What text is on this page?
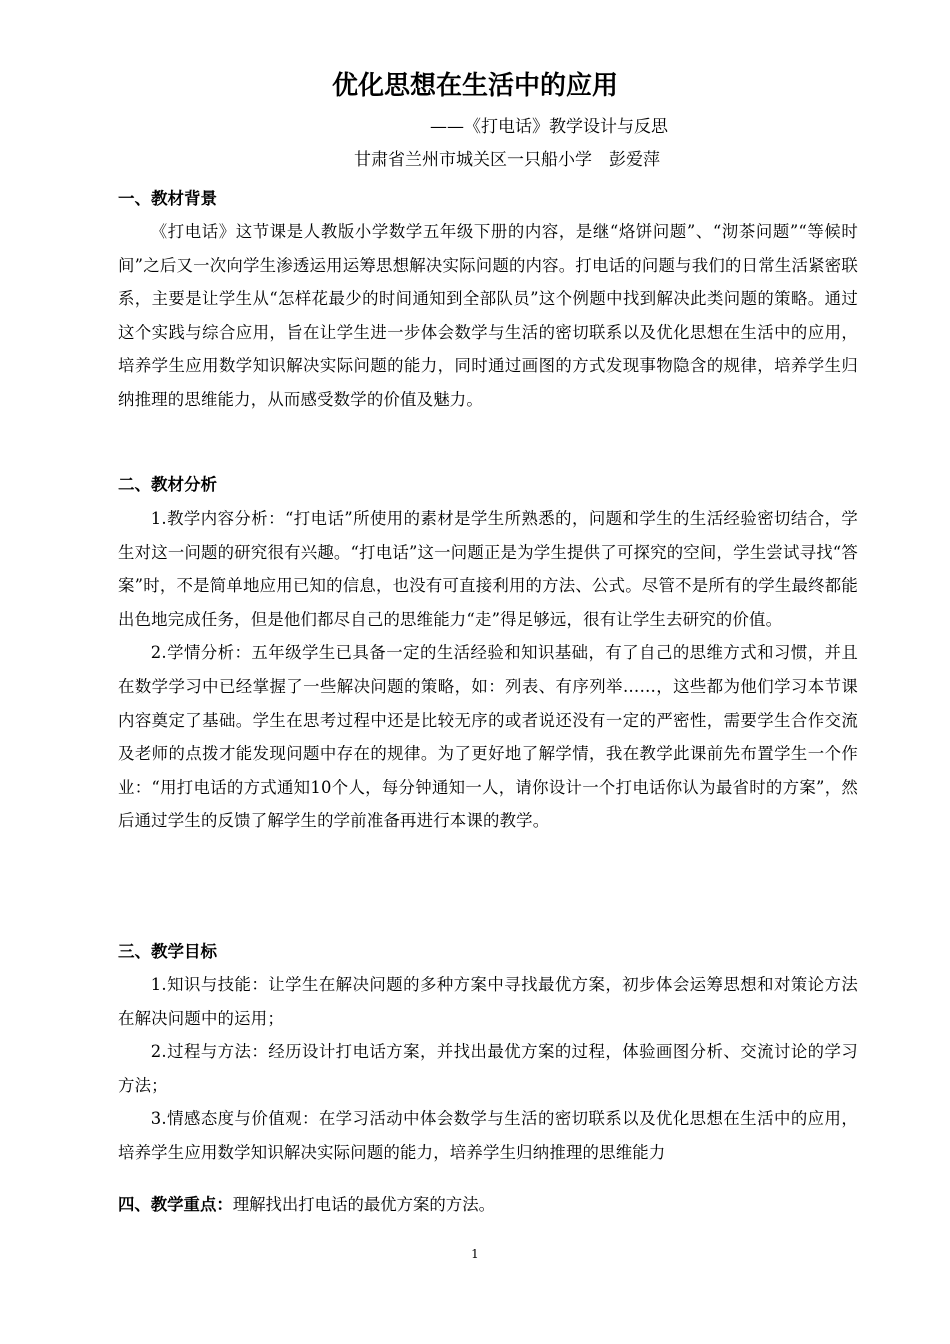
优化思想在生活中的应用
——《打电话》教学设计与反思
甘肃省兰州市城关区一只船小学　彭爱萍
一、教材背景

《打电话》这节课是人教版小学数学五年级下册的内容，是继“烙饼问题”、“沏茶问题”“等候时间”之后又一次向学生渗透运用运筹思想解决实际问题的内容。打电话的问题与我们的日常生活紧密联系，主要是让学生从“怎样花最少的时间通知到全部队员”这个例题中找到解决此类问题的策略。通过这个实践与综合应用，旨在让学生进一步体会数学与生活的密切联系以及优化思想在生活中的应用，培养学生应用数学知识解决实际问题的能力，同时通过画图的方式发现事物隐含的规律，培养学生归纳推理的思维能力，从而感受数学的价值及魅力。

二、教材分析

1.教学内容分析：“打电话”所使用的素材是学生所熟悉的，问题和学生的生活经验密切结合，学生对这一问题的研究很有兴趣。“打电话”这一问题正是为学生提供了可探究的空间，学生尝试寻找“答案”时，不是简单地应用已知的信息，也没有可直接利用的方法、公式。尽管不是所有的学生最终都能出色地完成任务，但是他们都尽自己的思维能力“走”得足够远，很有让学生去研究的价值。

2.学情分析：五年级学生已具备一定的生活经验和知识基础，有了自己的思维方式和习惯，并且在数学学习中已经掌握了一些解决问题的策略，如：列表、有序列举……，这些都为他们学习本节课内容奠定了基础。学生在思考过程中还是比较无序的或者说还没有一定的严密性，需要学生合作交流及老师的点拨才能发现问题中存在的规律。为了更好地了解学情，我在教学此课前先布置学生一个作业：“用打电话的方式通知10个人，每分钟通知一人，请你设计一个打电话你认为最省时的方案”，然后通过学生的反馈了解学生的学前准备再进行本课的教学。

三、教学目标

1.知识与技能：让学生在解决问题的多种方案中寻找最优方案，初步体会运筹思想和对策论方法在解决问题中的运用；

2.过程与方法：经历设计打电话方案，并找出最优方案的过程，体验画图分析、交流讨论的学习方法；

3.情感态度与价值观：在学习活动中体会数学与生活的密切联系以及优化思想在生活中的应用，培养学生应用数学知识解决实际问题的能力，培养学生归纳推理的思维能力

四、教学重点：理解找出打电话的最优方案的方法。

1
